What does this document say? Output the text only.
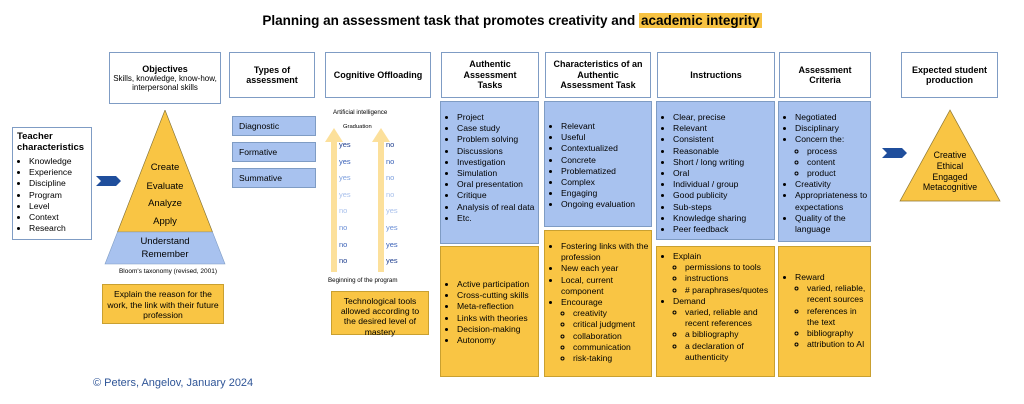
Planning an assessment task that promotes creativity and academic integrity
Teacher characteristics
• Knowledge
• Experience
• Discipline
• Program
• Level
• Context
• Research
Objectives
Skills, knowledge, know-how, interpersonal skills
Create
Evaluate
Analyze
Apply
Understand
Remember
Bloom's taxonomy (revised, 2001)
Explain the reason for the work, the link with their future profession
Types of assessment
Diagnostic
Formative
Summative
Cognitive Offloading
Artificial intelligence
Graduation
yes
yes
yes
yes
no
no
no
no
no
no
no
no
yes
yes
yes
yes
Beginning of the program
Technological tools allowed according to the desired level of mastery
Authentic Assessment Tasks
• Project
• Case study
• Problem solving
• Discussions
• Investigation
• Simulation
• Oral presentation
• Critique
• Analysis of real data
• Etc.
• Active participation
• Cross-cutting skills
• Meta-reflection
• Links with theories
• Decision-making
• Autonomy
Characteristics of an Authentic Assessment Task
• Relevant
• Useful
• Contextualized
• Concrete
• Problematized
• Complex
• Engaging
• Ongoing evaluation
• Fostering links with the profession
• New each year
• Local, current component
• Encourage
◦ creativity
◦ critical judgment
◦ collaboration
◦ communication
◦ risk-taking
Instructions
• Clear, precise
• Relevant
• Consistent
• Reasonable
• Short / long writing
• Oral
• Individual / group
• Good publicity
• Sub-steps
• Knowledge sharing
• Peer feedback
• Explain
◦ permissions to tools
◦ instructions
◦ # paraphrases/quotes
• Demand
◦ varied, reliable and recent references
◦ a bibliography
◦ a declaration of authenticity
Assessment Criteria
• Negotiated
• Disciplinary
• Concern the:
◦ process
◦ content
◦ product
• Creativity
• Appropriateness to expectations
• Quality of the language
• Reward
◦ varied, reliable, recent sources
◦ references in the text
◦ bibliography
◦ attribution to AI
Expected student production
Creative
Ethical
Engaged
Metacognitive
© Peters, Angelov, January 2024
